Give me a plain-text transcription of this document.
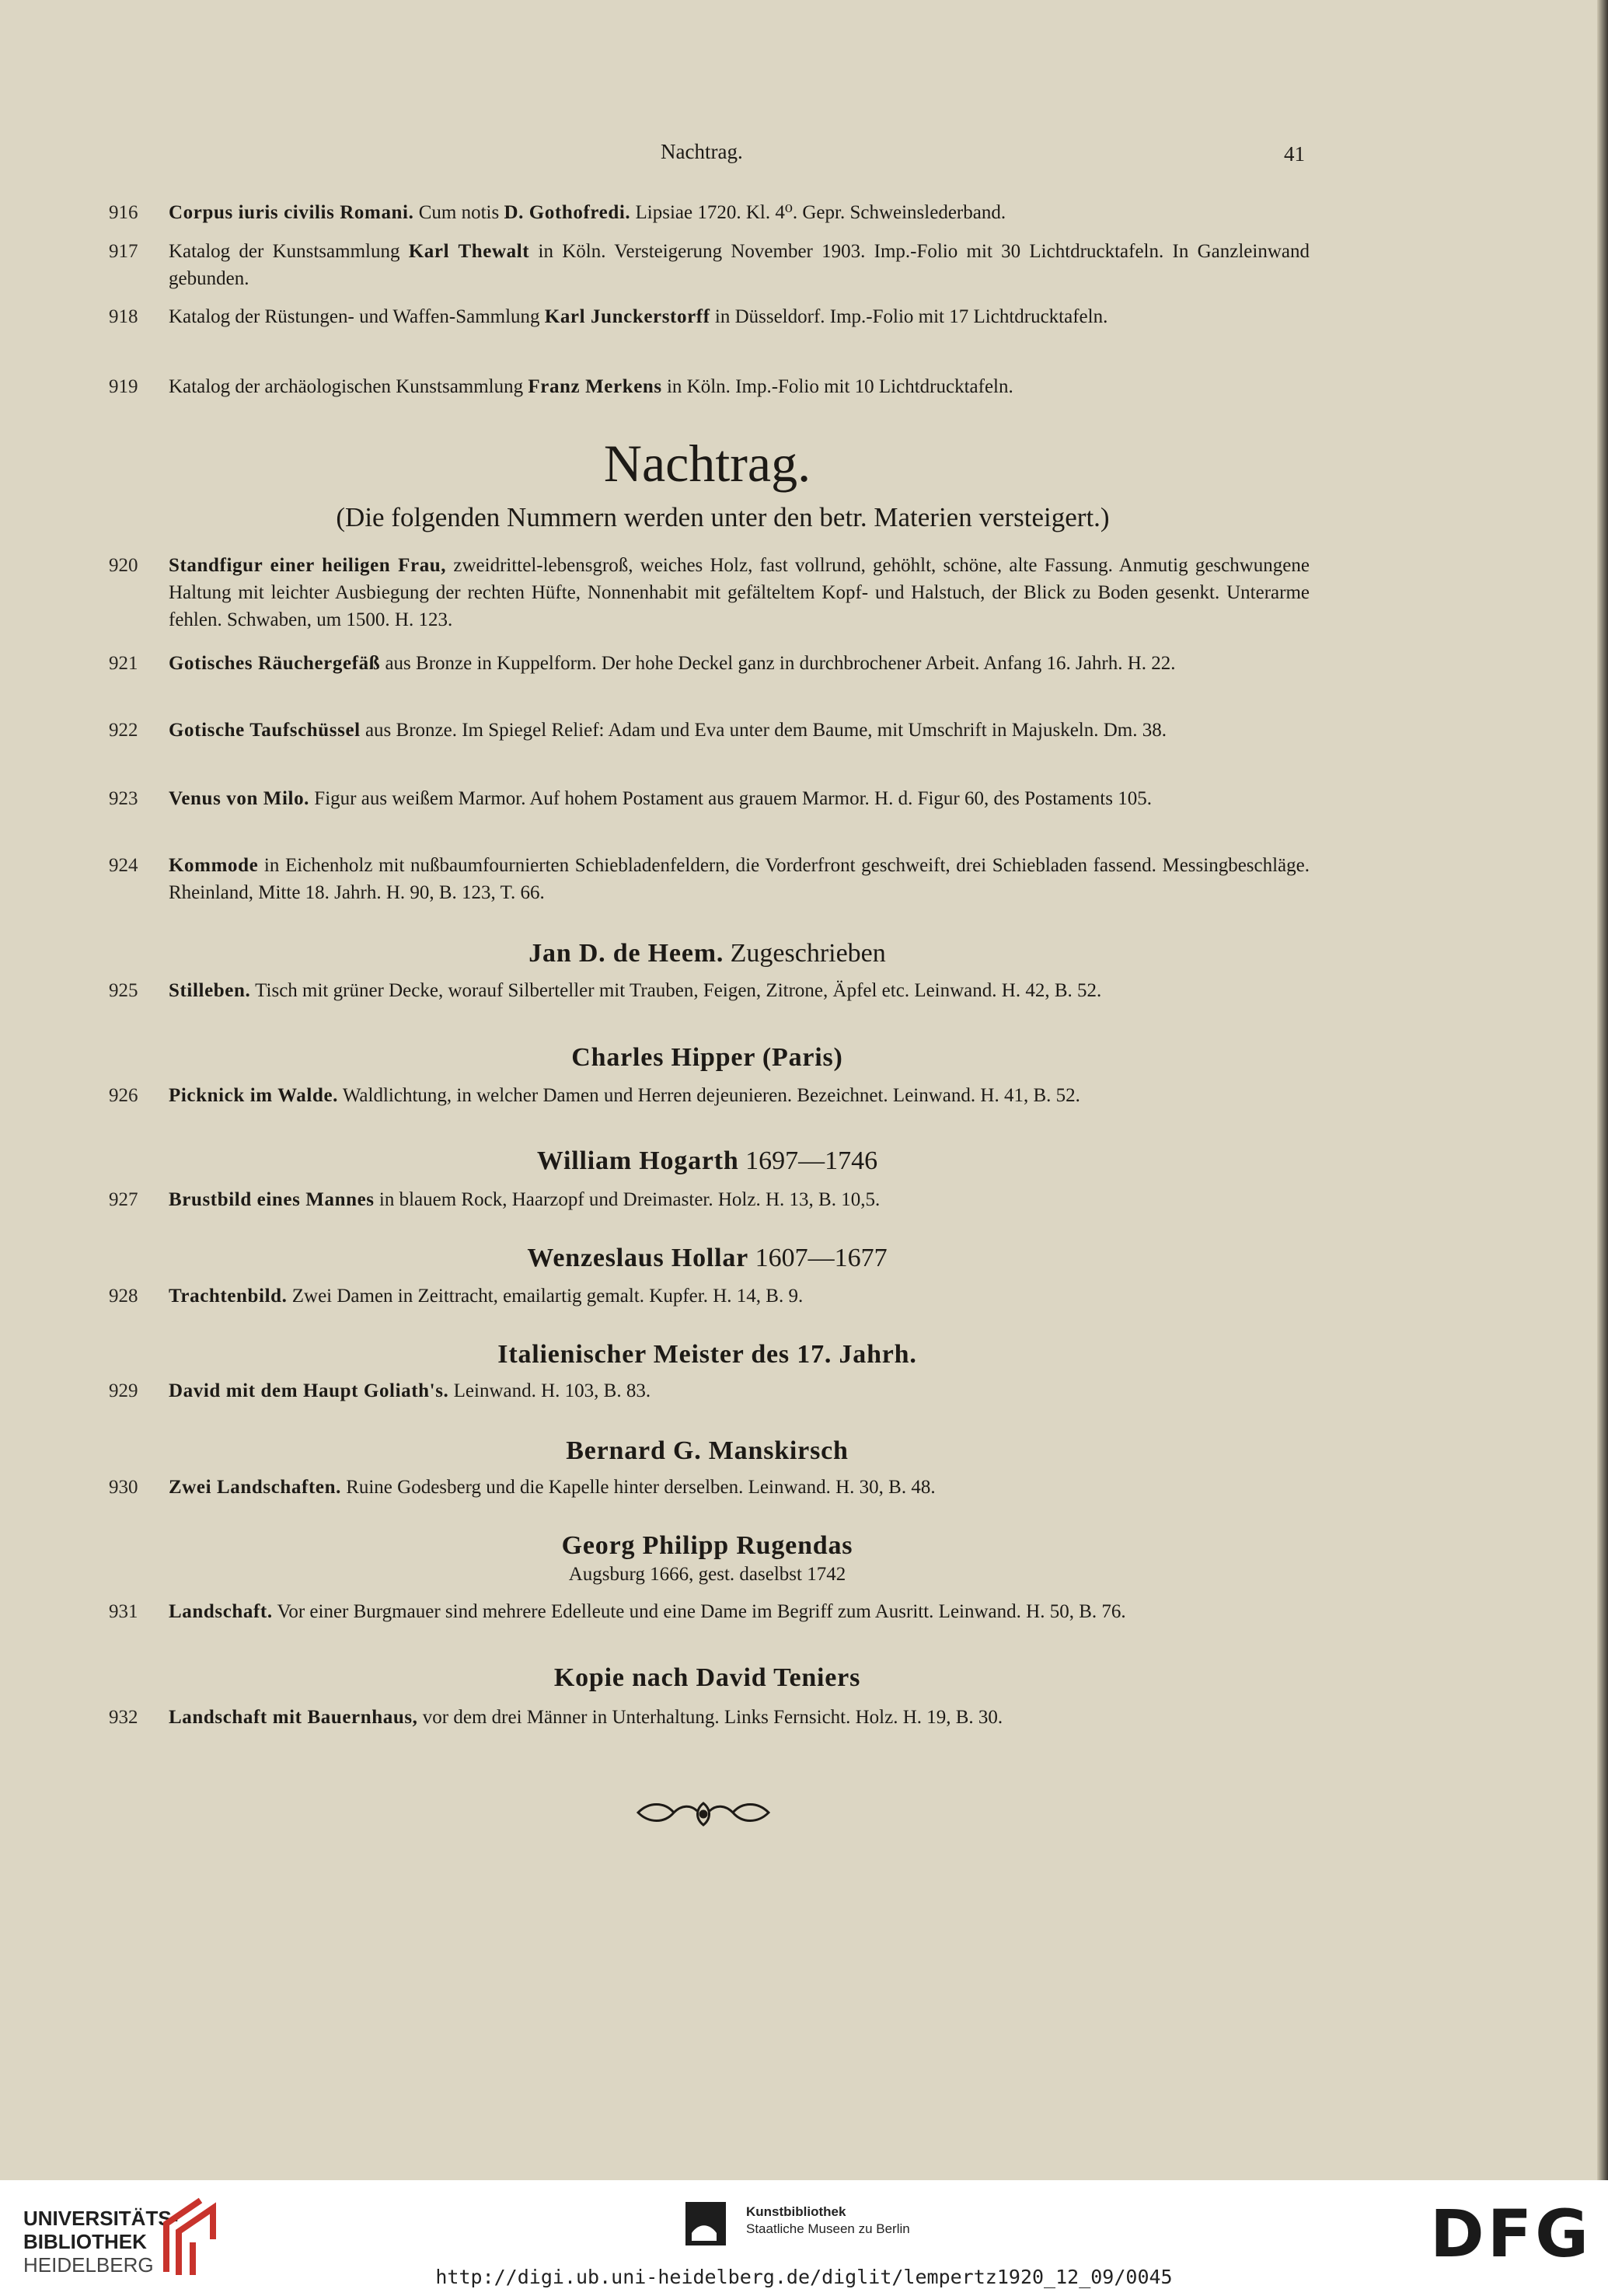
Nachtrag.	41
916	Corpus iuris civilis Romani. Cum notis D. Gothofredi. Lipsiae 1720. Kl. 4⁰. Gepr. Schweinslederband.
917	Katalog der Kunstsammlung Karl Thewalt in Köln. Versteigerung November 1903. Imp.-Folio mit 30 Lichtdrucktafeln. In Ganzleinwand gebunden.
918	Katalog der Rüstungen- und Waffen-Sammlung Karl Junckerstorff in Düsseldorf. Imp.-Folio mit 17 Lichtdrucktafeln.
919	Katalog der archäologischen Kunstsammlung Franz Merkens in Köln. Imp.-Folio mit 10 Lichtdrucktafeln.
Nachtrag.
(Die folgenden Nummern werden unter den betr. Materien versteigert.)
920	Standfigur einer heiligen Frau, zweidrittel-lebensgroß, weiches Holz, fast vollrund, gehöhlt, schöne, alte Fassung. Anmutig geschwungene Haltung mit leichter Ausbiegung der rechten Hüfte, Nonnenhabit mit gefälteltem Kopf- und Halstuch, der Blick zu Boden gesenkt. Unterarme fehlen. Schwaben, um 1500. H. 123.
921	Gotisches Räuchergefäß aus Bronze in Kuppelform. Der hohe Deckel ganz in durchbrochener Arbeit. Anfang 16. Jahrh. H. 22.
922	Gotische Taufschüssel aus Bronze. Im Spiegel Relief: Adam und Eva unter dem Baume, mit Umschrift in Majuskeln. Dm. 38.
923	Venus von Milo. Figur aus weißem Marmor. Auf hohem Postament aus grauem Marmor. H. d. Figur 60, des Postaments 105.
924	Kommode in Eichenholz mit nußbaumfournierten Schiebladenfeldern, die Vorderfront geschweift, drei Schiebladen fassend. Messingbeschläge. Rheinland, Mitte 18. Jahrh. H. 90, B. 123, T. 66.
Jan D. de Heem. Zugeschrieben
925	Stilleben. Tisch mit grüner Decke, worauf Silberteller mit Trauben, Feigen, Zitrone, Äpfel etc. Leinwand. H. 42, B. 52.
Charles Hipper (Paris)
926	Picknick im Walde. Waldlichtung, in welcher Damen und Herren dejeunieren. Bezeichnet. Leinwand. H. 41, B. 52.
William Hogarth 1697—1746
927	Brustbild eines Mannes in blauem Rock, Haarzopf und Dreimaster. Holz. H. 13, B. 10,5.
Wenzeslaus Hollar 1607—1677
928	Trachtenbild. Zwei Damen in Zeittracht, emailartig gemalt. Kupfer. H. 14, B. 9.
Italienischer Meister des 17. Jahrh.
929	David mit dem Haupt Goliath's. Leinwand. H. 103, B. 83.
Bernard G. Manskirsch
930	Zwei Landschaften. Ruine Godesberg und die Kapelle hinter derselben. Leinwand. H. 30, B. 48.
Georg Philipp Rugendas
Augsburg 1666, gest. daselbst 1742
931	Landschaft. Vor einer Burgmauer sind mehrere Edelleute und eine Dame im Begriff zum Ausritt. Leinwand. H. 50, B. 76.
Kopie nach David Teniers
932	Landschaft mit Bauernhaus, vor dem drei Männer in Unterhaltung. Links Fernsicht. Holz. H. 19, B. 30.
UNIVERSITÄTS-
BIBLIOTHEK
HEIDELBERG
Kunstbibliothek
Staatliche Museen zu Berlin	DFG
http://digi.ub.uni-heidelberg.de/diglit/lempertz1920_12_09/0045
